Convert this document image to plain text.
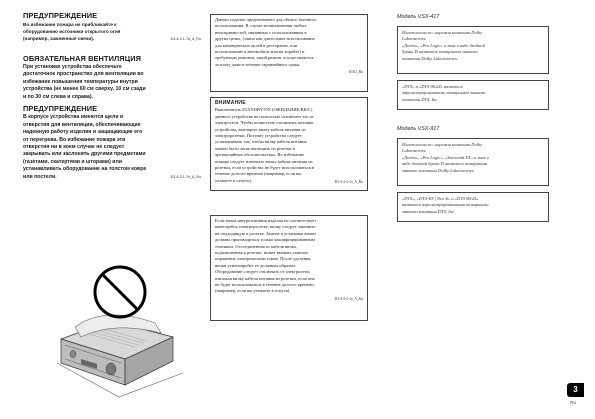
ПРЕДУПРЕЖДЕНИЕ
Во избежание пожара не приближайте к
оборудованию источники открытого огня
(например, зажженные свечи).	D3-4-2-1-7a_A_Ru
ОБЯЗАТЕЛЬНАЯ ВЕНТИЛЯЦИЯ
При установке устройства обеспечьте
достаточное пространство для вентиляции во
избежание повышения температуры внутри
устройства (не менее 60 см сверху, 10 см сзади
и по 30 см слева и справа).
ПРЕДУПРЕЖДЕНИЕ
В корпусе устройства имеются щели и
отверстия для вентиляции, обеспечивающие
надежную работу изделия и защищающие его
от перегрева. Во избежание пожара эти
отверстия ни в коем случае не следует
закрывать или заслонять другими предметами
(газетами, скатертями и шторами) или
устанавливать оборудование на толстом ковре
или постели.	D3-4-2-1-7b_A_Ru
Данное изделие предназначено для общего бытового
использования. В случае возникновения любых
неисправностей, связанных с использованием в
других целях, (таких как длительное использование
для коммерческих целей в ресторанах, или
использование в автомобиле или на корабле) и
требующих ремонта, такой ремонт осуществляется
за плату даже в течение гарантийного срока.
K041_Ru
ВНИМАНИЕ
Выключатель STANDBY/ON (ОЖИДАНИЕ/ВКЛ.)
данного устройства не полностью отключает его от
электросети. Чтобы полностью отключить питание
устройства, вытащите вилку кабеля питания из
электророзетки. Поэтому устройство следует
устанавливать так, чтобы вилку кабеля питания
можно было легко вытащить из розетки в
чрезвычайных обстоятельствах. Во избежание
пожара следует извлекать вилку кабеля питания из
розетки, если устройство не будет использоваться в
течение долгого времени (например, если вы
уезжаете в отпуск).	D3-4-2-2-2a_A_Ru
Если вилка шнура питания изделия не соответствует
имеющейся электророзетке, вилку следует заменить
на подходящую к розетке. Замена и установка вилки
должны производиться только квалифицированным
техником. Отсоединенная от кабеля вилка,
подключенная к розетке, может вызвать тяжелое
поражение электрическим током. После удаления
вилки утилизируйте ее должным образом.
Оборудование следует отключать от электросети,
извлекая вилку кабеля питания из розетки, если она
не будет использоваться в течение долгого времени
(например, если вы уезжаете в отпуск).
D3-4-2-2-1a_A_Ru
Модель VSX-417
Изготовлено по лицензии компании Dolby
Laboratories.
«Долби», «Pro Logic» и знак в виде двойной
буквы D являются товарными знаками
компании Dolby Laboratories.
«DTS» и «DTS 96/24» являются
зарегистрированными товарными знаками
компании DTS, Inc.
Модель VSX-917
Изготовлено по лицензии компании Dolby
Laboratories.
«Долби», «Pro Logic», «Surround EX» и знак в
виде двойной буквы D являются товарными
знаками компании Dolby Laboratories.
«DTS», «DTS-ES | Neo:6» и «DTS 96/24»
являются зарегистрированными товарными
знаками компании DTS, Inc.
3
Ru
